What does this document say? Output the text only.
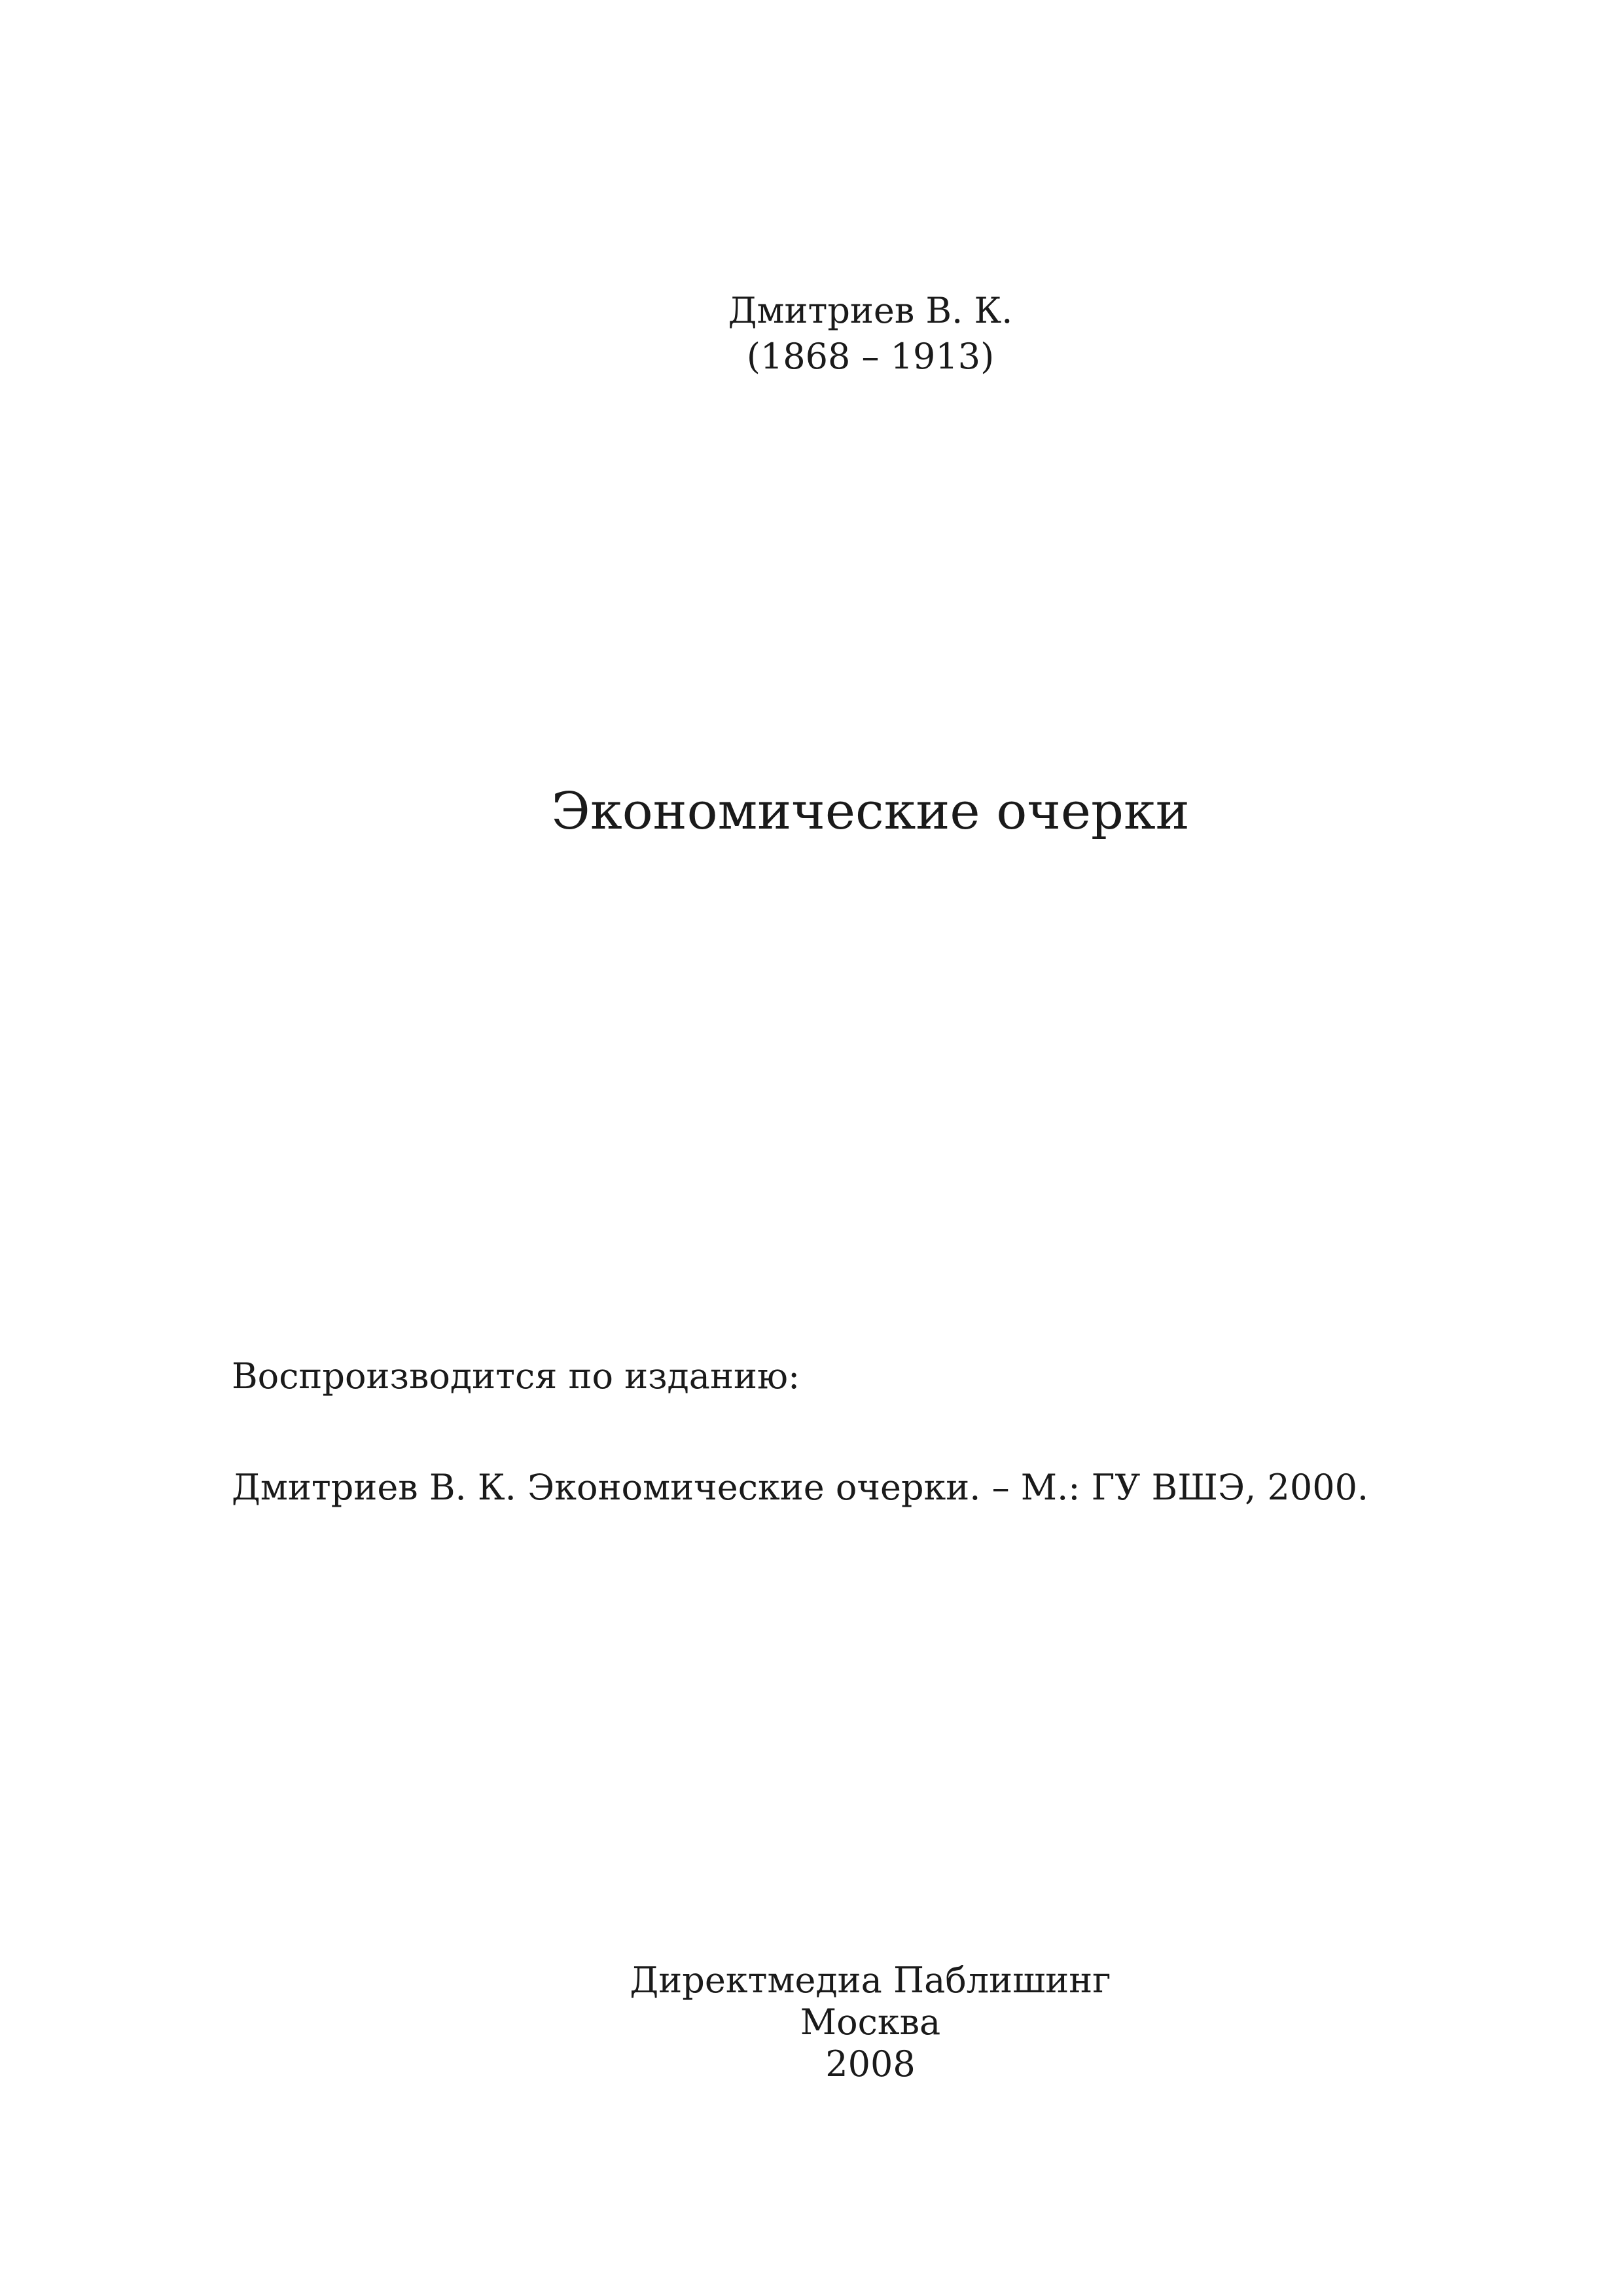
Дмитриев В. К.
(1868 – 1913)
Экономические очерки
Воспроизводится по изданию:
Дмитриев В. К. Экономические очерки. – М.: ГУ ВШЭ, 2000.
Директмедиа Паблишинг
Москва
2008
